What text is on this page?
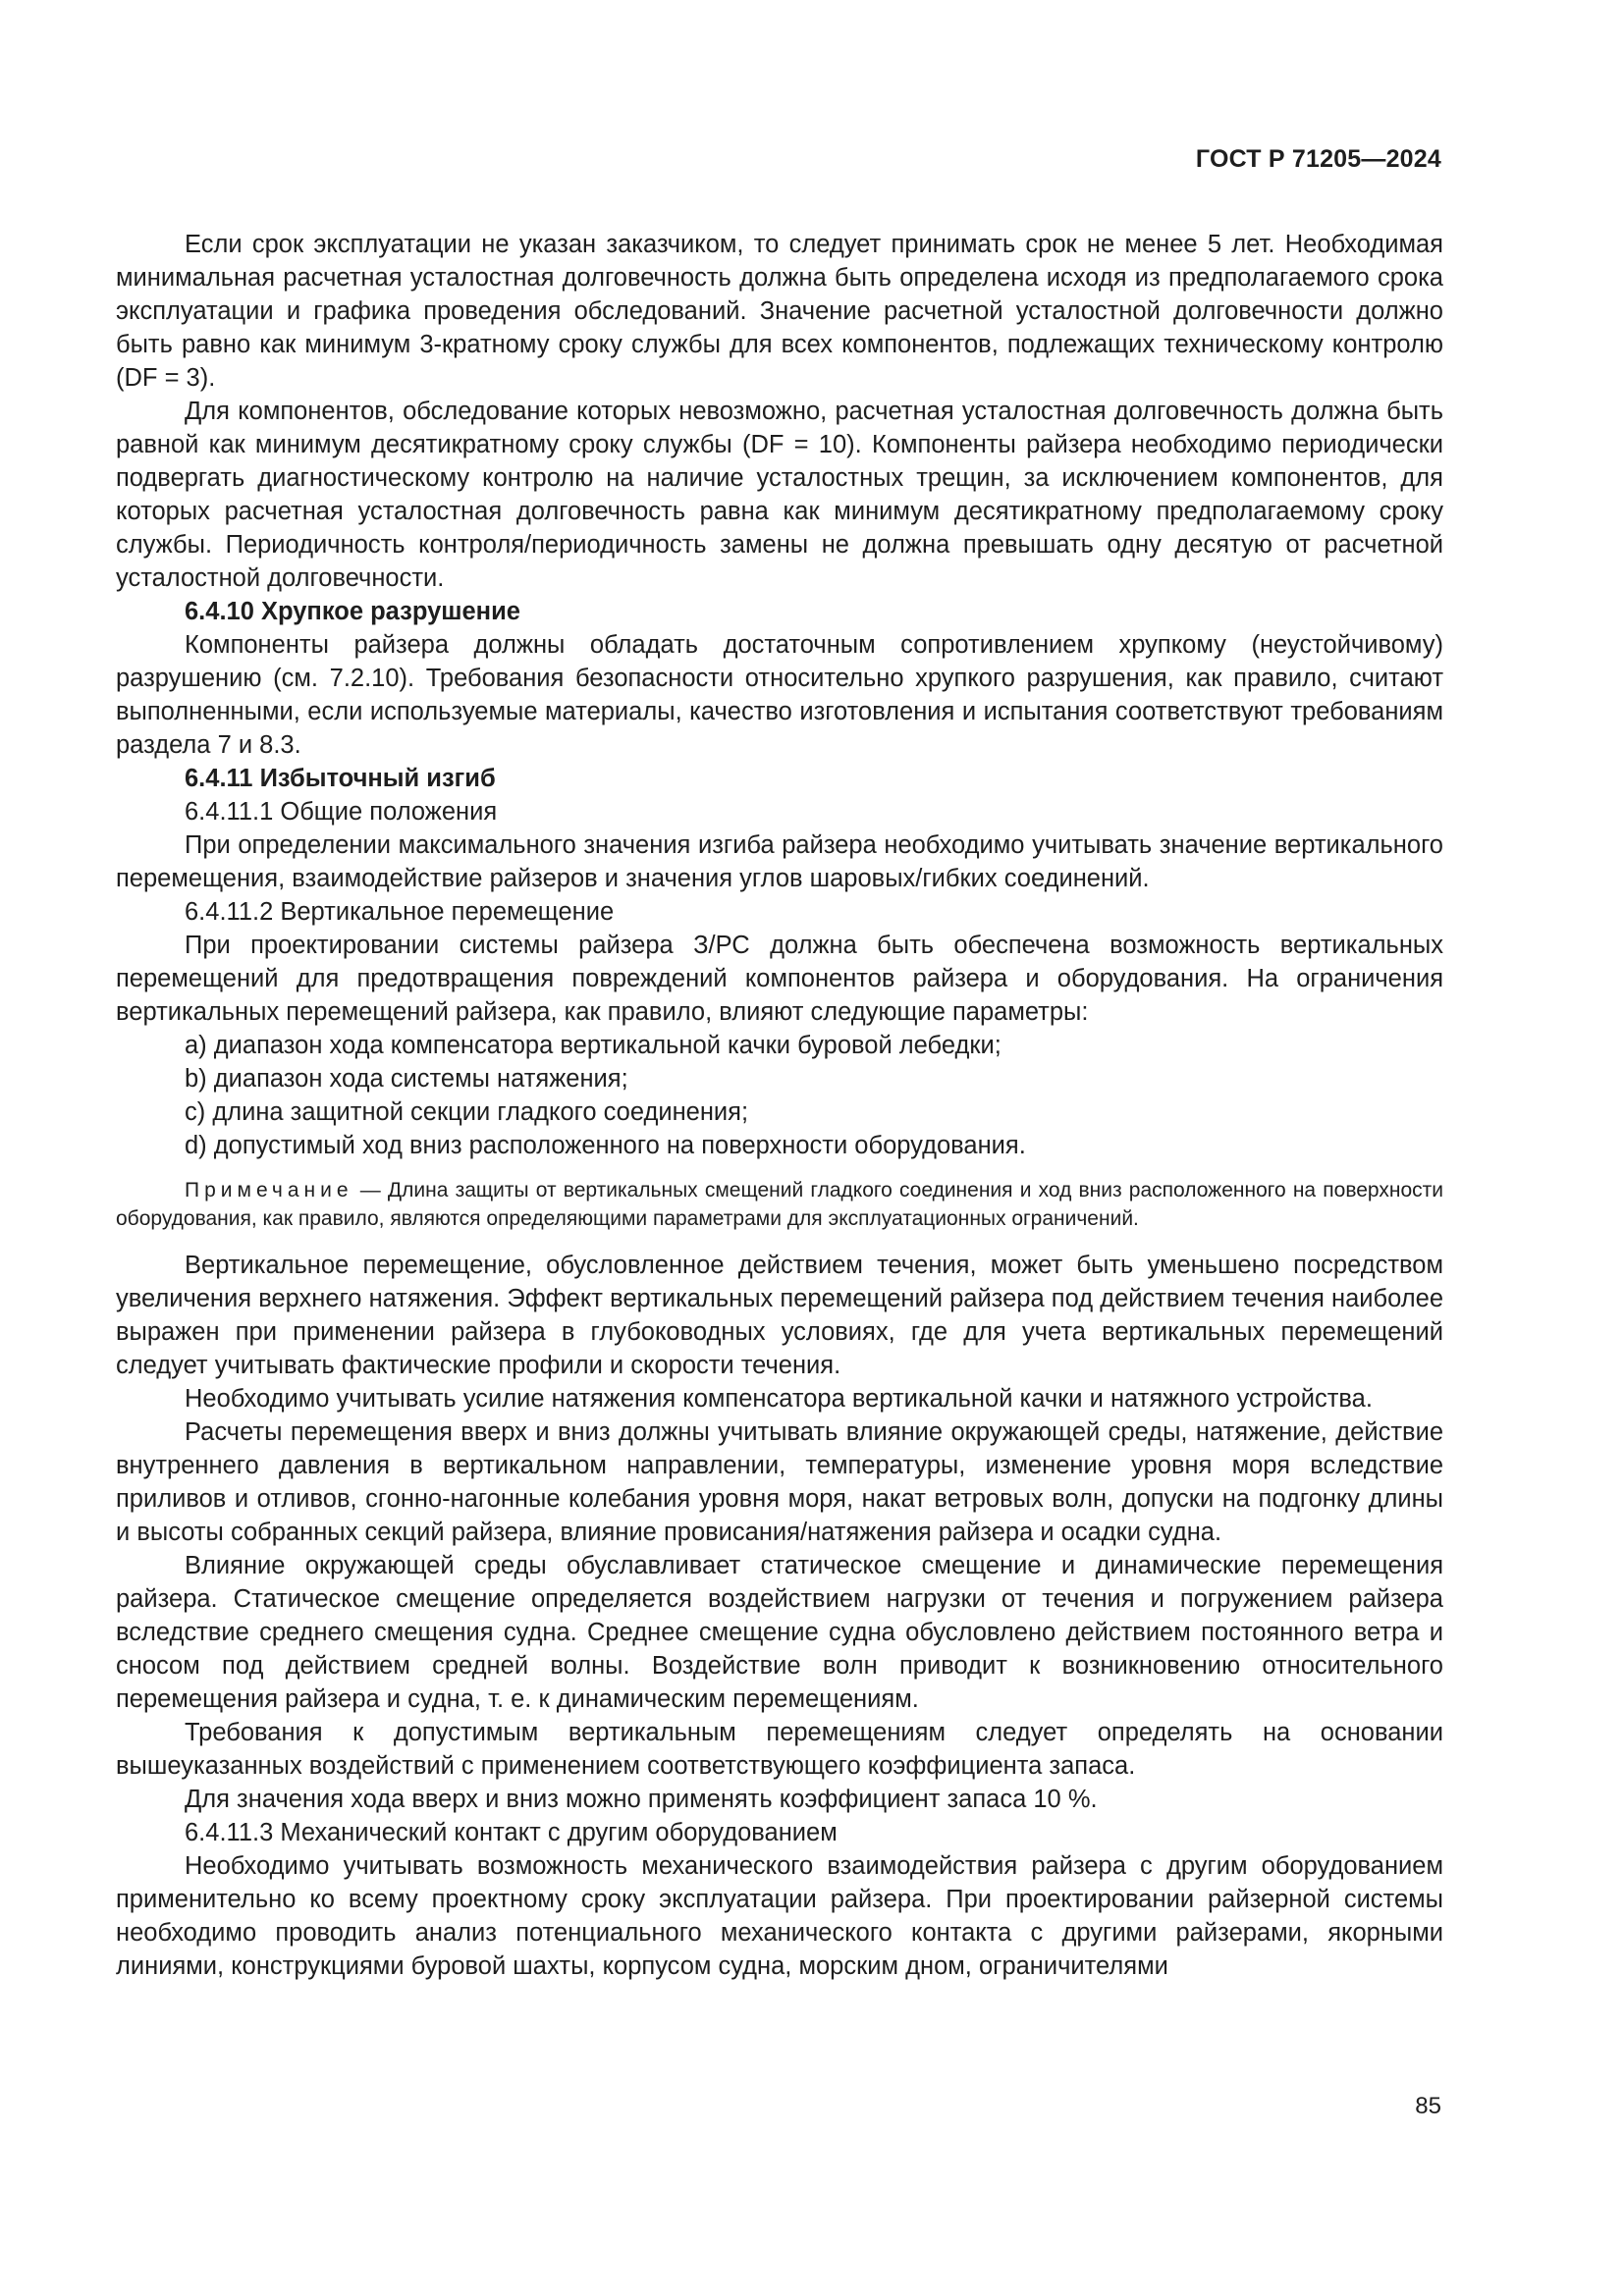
ГОСТ Р 71205—2024

Если срок эксплуатации не указан заказчиком, то следует принимать срок не менее 5 лет. Необходимая минимальная расчетная усталостная долговечность должна быть определена исходя из предполагаемого срока эксплуатации и графика проведения обследований. Значение расчетной усталостной долговечности должно быть равно как минимум 3-кратному сроку службы для всех компонентов, подлежащих техническому контролю (DF = 3).

Для компонентов, обследование которых невозможно, расчетная усталостная долговечность должна быть равной как минимум десятикратному сроку службы (DF = 10). Компоненты райзера необходимо периодически подвергать диагностическому контролю на наличие усталостных трещин, за исключением компонентов, для которых расчетная усталостная долговечность равна как минимум десятикратному предполагаемому сроку службы. Периодичность контроля/периодичность замены не должна превышать одну десятую от расчетной усталостной долговечности.

6.4.10 Хрупкое разрушение

Компоненты райзера должны обладать достаточным сопротивлением хрупкому (неустойчивому) разрушению (см. 7.2.10). Требования безопасности относительно хрупкого разрушения, как правило, считают выполненными, если используемые материалы, качество изготовления и испытания соответствуют требованиям раздела 7 и 8.3.

6.4.11 Избыточный изгиб

6.4.11.1 Общие положения

При определении максимального значения изгиба райзера необходимо учитывать значение вертикального перемещения, взаимодействие райзеров и значения углов шаровых/гибких соединений.

6.4.11.2 Вертикальное перемещение

При проектировании системы райзера З/РС должна быть обеспечена возможность вертикальных перемещений для предотвращения повреждений компонентов райзера и оборудования. На ограничения вертикальных перемещений райзера, как правило, влияют следующие параметры:

a) диапазон хода компенсатора вертикальной качки буровой лебедки;

b) диапазон хода системы натяжения;

c) длина защитной секции гладкого соединения;

d) допустимый ход вниз расположенного на поверхности оборудования.

Примечание — Длина защиты от вертикальных смещений гладкого соединения и ход вниз расположенного на поверхности оборудования, как правило, являются определяющими параметрами для эксплуатационных ограничений.

Вертикальное перемещение, обусловленное действием течения, может быть уменьшено посредством увеличения верхнего натяжения. Эффект вертикальных перемещений райзера под действием течения наиболее выражен при применении райзера в глубоководных условиях, где для учета вертикальных перемещений следует учитывать фактические профили и скорости течения.

Необходимо учитывать усилие натяжения компенсатора вертикальной качки и натяжного устройства.

Расчеты перемещения вверх и вниз должны учитывать влияние окружающей среды, натяжение, действие внутреннего давления в вертикальном направлении, температуры, изменение уровня моря вследствие приливов и отливов, сгонно-нагонные колебания уровня моря, накат ветровых волн, допуски на подгонку длины и высоты собранных секций райзера, влияние провисания/натяжения райзера и осадки судна.

Влияние окружающей среды обуславливает статическое смещение и динамические перемещения райзера. Статическое смещение определяется воздействием нагрузки от течения и погружением райзера вследствие среднего смещения судна. Среднее смещение судна обусловлено действием постоянного ветра и сносом под действием средней волны. Воздействие волн приводит к возникновению относительного перемещения райзера и судна, т. е. к динамическим перемещениям.

Требования к допустимым вертикальным перемещениям следует определять на основании вышеуказанных воздействий с применением соответствующего коэффициента запаса.

Для значения хода вверх и вниз можно применять коэффициент запаса 10 %.

6.4.11.3 Механический контакт с другим оборудованием

Необходимо учитывать возможность механического взаимодействия райзера с другим оборудованием применительно ко всему проектному сроку эксплуатации райзера. При проектировании райзерной системы необходимо проводить анализ потенциального механического контакта с другими райзерами, якорными линиями, конструкциями буровой шахты, корпусом судна, морским дном, ограничителями

85
